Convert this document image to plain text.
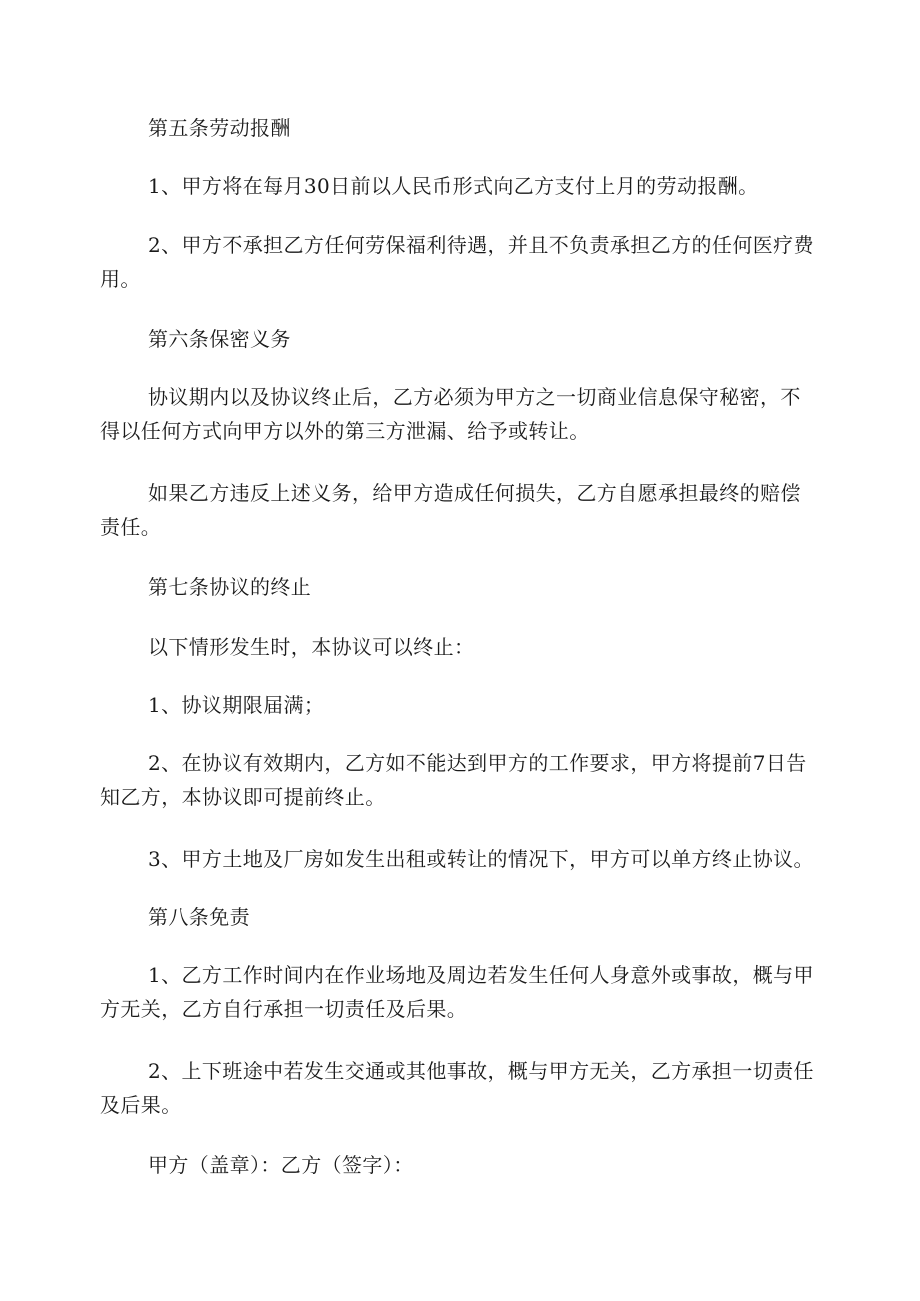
第五条劳动报酬

1、甲方将在每月30日前以人民币形式向乙方支付上月的劳动报酬。

2、甲方不承担乙方任何劳保福利待遇，并且不负责承担乙方的任何医疗费用。

第六条保密义务

协议期内以及协议终止后，乙方必须为甲方之一切商业信息保守秘密，不得以任何方式向甲方以外的第三方泄漏、给予或转让。

如果乙方违反上述义务，给甲方造成任何损失，乙方自愿承担最终的赔偿责任。

第七条协议的终止

以下情形发生时，本协议可以终止：

1、协议期限届满；

2、在协议有效期内，乙方如不能达到甲方的工作要求，甲方将提前7日告知乙方，本协议即可提前终止。

3、甲方土地及厂房如发生出租或转让的情况下，甲方可以单方终止协议。

第八条免责

1、乙方工作时间内在作业场地及周边若发生任何人身意外或事故，概与甲方无关，乙方自行承担一切责任及后果。

2、上下班途中若发生交通或其他事故，概与甲方无关，乙方承担一切责任及后果。

甲方（盖章）：乙方（签字）：
